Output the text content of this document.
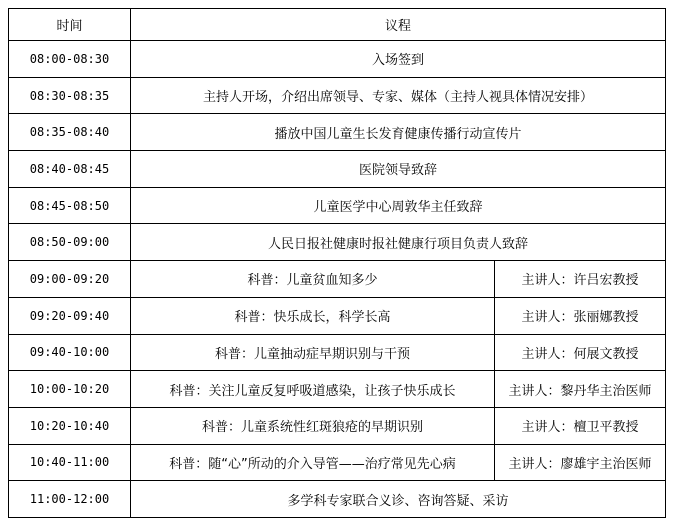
时间	议程	
08:00-08:30	入场签到	
08:30-08:35	主持人开场，介绍出席领导、专家、媒体（主持人视具体情况安排）	
08:35-08:40	播放中国儿童生长发育健康传播行动宣传片	
08:40-08:45	医院领导致辞	
08:45-08:50	儿童医学中心周敦华主任致辞	
08:50-09:00	人民日报社健康时报社健康行项目负责人致辞	
09:00-09:20	科普：儿童贫血知多少	主讲人：许吕宏教授
09:20-09:40	科普：快乐成长，科学长高	主讲人：张丽娜教授
09:40-10:00	科普：儿童抽动症早期识别与干预	主讲人：何展文教授
10:00-10:20	科普：关注儿童反复呼吸道感染，让孩子快乐成长	主讲人：黎丹华主治医师
10:20-10:40	科普：儿童系统性红斑狼疮的早期识别	主讲人：檀卫平教授
10:40-11:00	科普：随“心”所动的介入导管——治疗常见先心病	主讲人：廖雄宇主治医师
11:00-12:00	多学科专家联合义诊、咨询答疑、采访	
